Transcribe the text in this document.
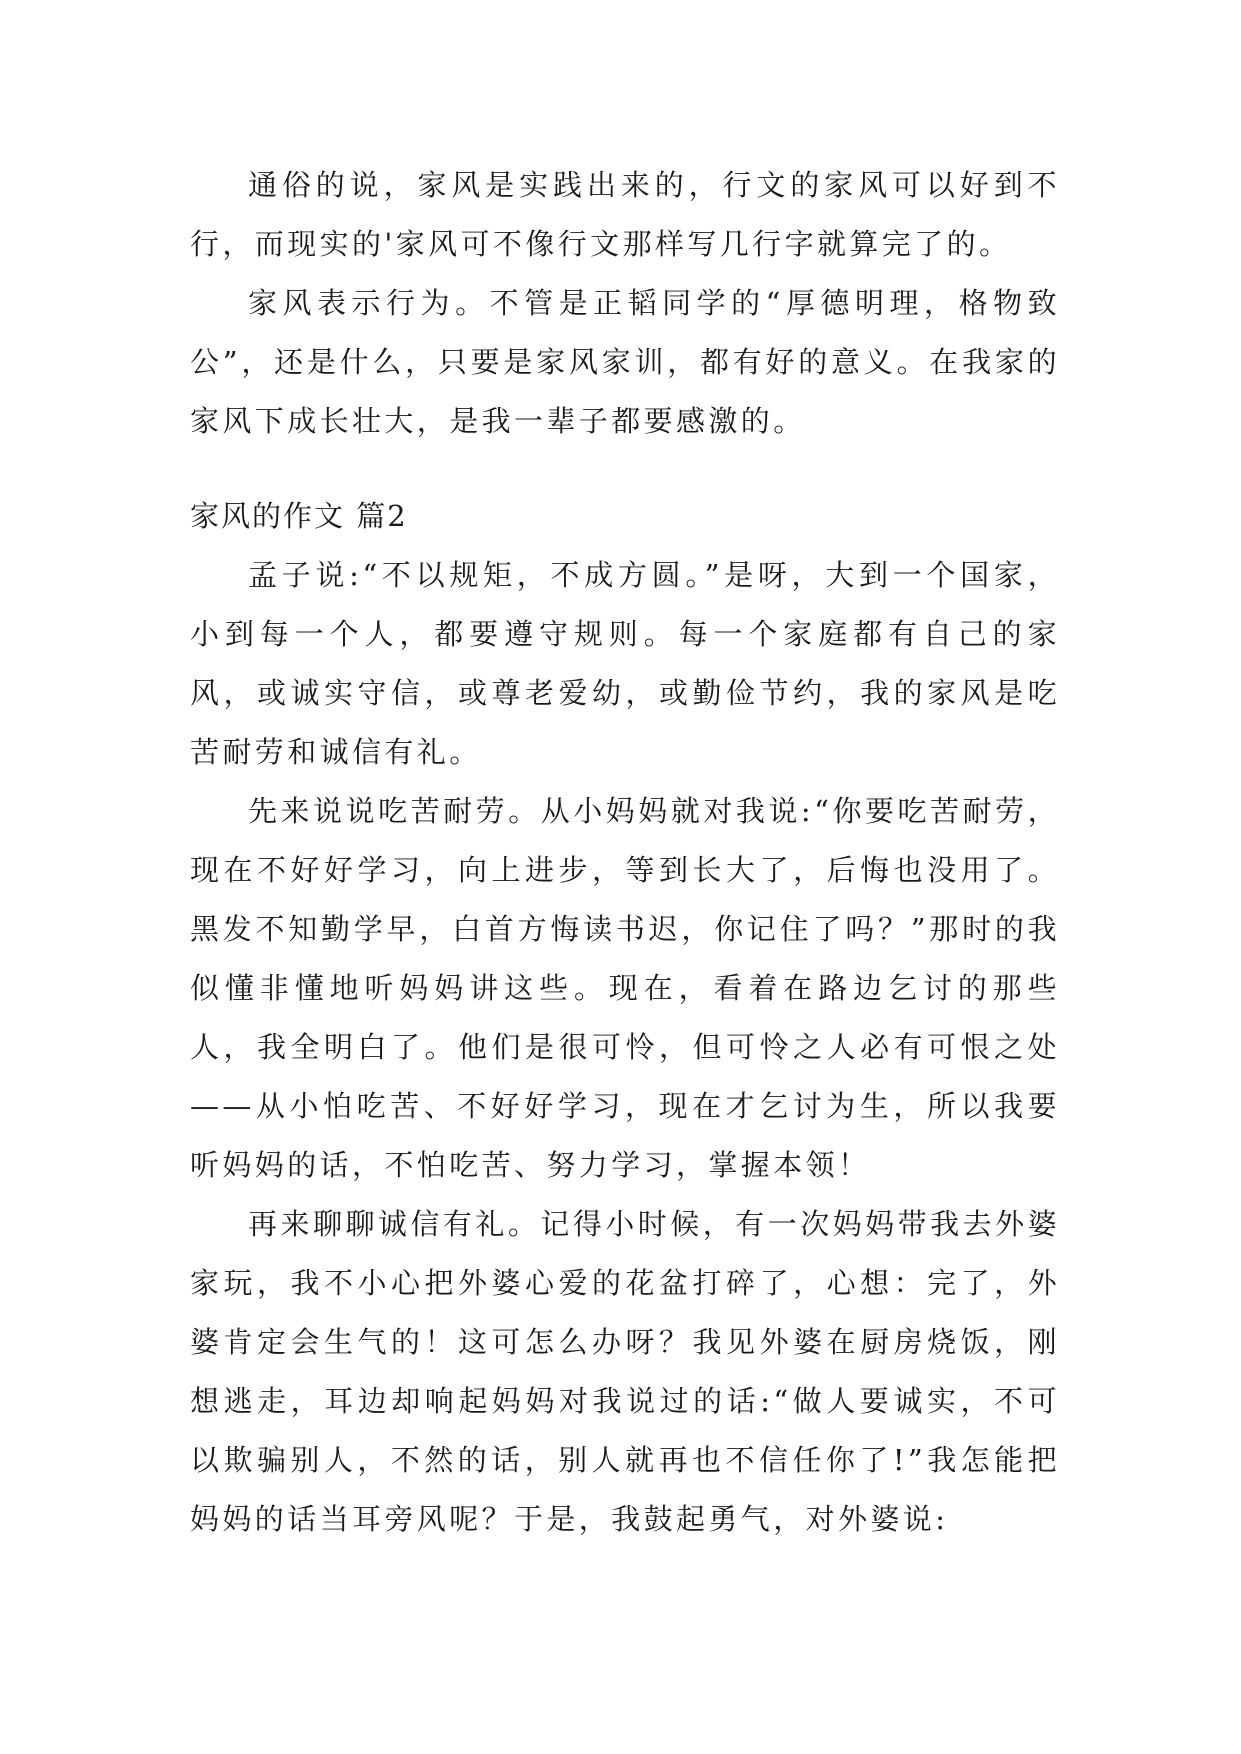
通俗的说，家风是实践出来的，行文的家风可以好到不行，而现实的'家风可不像行文那样写几行字就算完了的。

家风表示行为。不管是正韬同学的“厚德明理，格物致公”，还是什么，只要是家风家训，都有好的意义。在我家的家风下成长壮大，是我一辈子都要感激的。

家风的作文 篇2

孟子说:“不以规矩，不成方圆。”是呀，大到一个国家，小到每一个人，都要遵守规则。每一个家庭都有自己的家风，或诚实守信，或尊老爱幼，或勤俭节约，我的家风是吃苦耐劳和诚信有礼。

先来说说吃苦耐劳。从小妈妈就对我说:“你要吃苦耐劳，现在不好好学习，向上进步，等到长大了，后悔也没用了。黑发不知勤学早，白首方悔读书迟，你记住了吗？”那时的我似懂非懂地听妈妈讲这些。现在，看着在路边乞讨的那些人，我全明白了。他们是很可怜，但可怜之人必有可恨之处——从小怕吃苦、不好好学习，现在才乞讨为生，所以我要听妈妈的话，不怕吃苦、努力学习，掌握本领！

再来聊聊诚信有礼。记得小时候，有一次妈妈带我去外婆家玩，我不小心把外婆心爱的花盆打碎了，心想：完了，外婆肯定会生气的！这可怎么办呀？我见外婆在厨房烧饭，刚想逃走，耳边却响起妈妈对我说过的话:“做人要诚实，不可以欺骗别人，不然的话，别人就再也不信任你了!”我怎能把妈妈的话当耳旁风呢？于是，我鼓起勇气，对外婆说:
